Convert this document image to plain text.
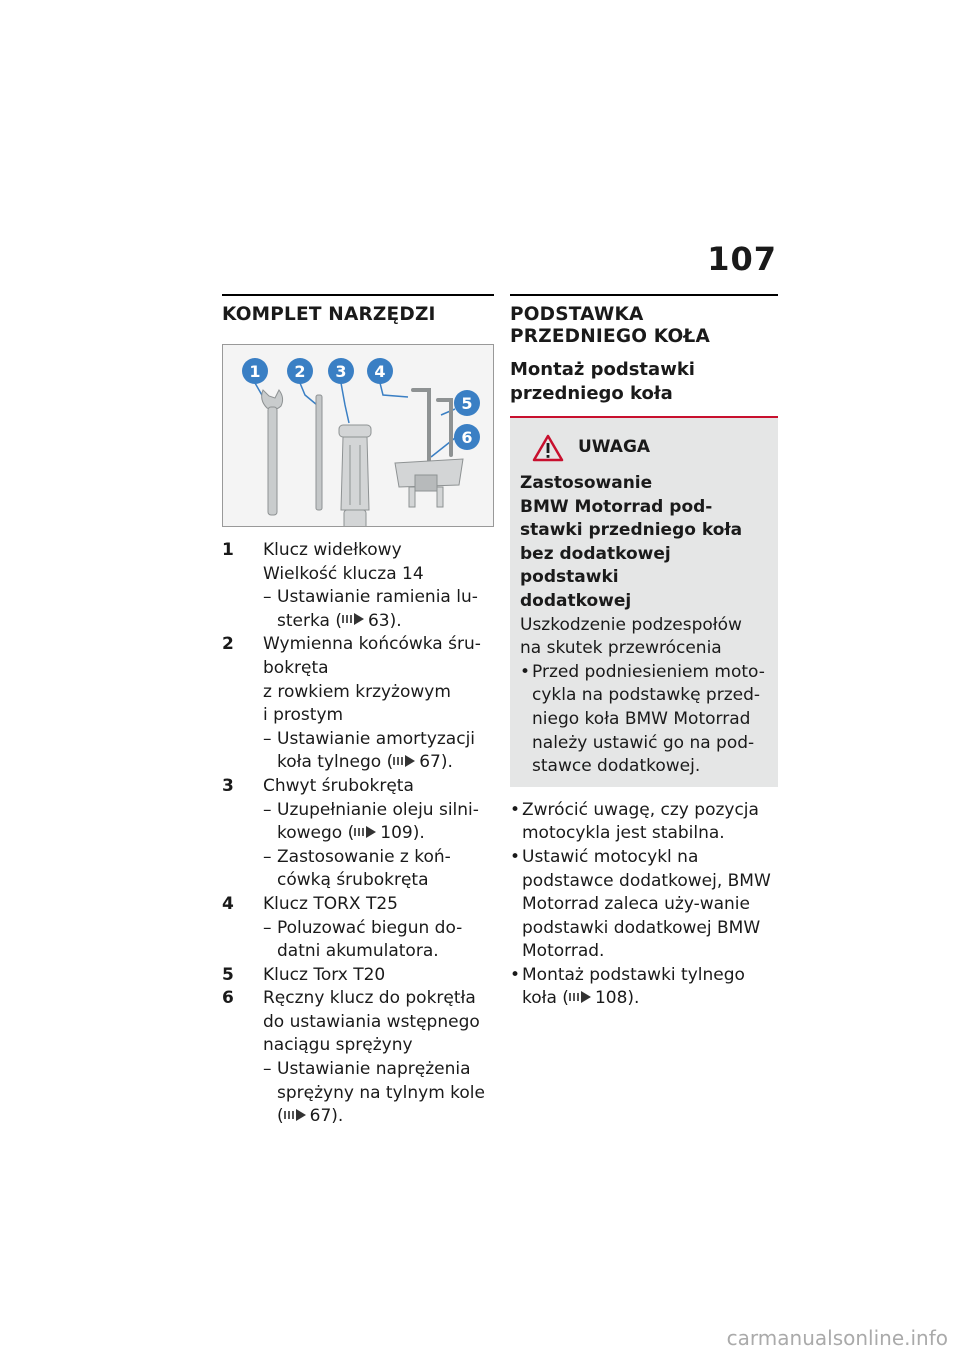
107
KOMPLET NARZĘDZI
1 2 3 4
5
6
1	Klucz widełkowy
Wielkość klucza 14
– Ustawianie ramienia lu-sterka ( 63).
2	Wymienna końcówka śru-bokręta
z rowkiem krzyżowym
i prostym
– Ustawianie amortyzacji koła tylnego ( 67).
3	Chwyt śrubokręta
– Uzupełnianie oleju silni-kowego ( 109).
– Zastosowanie z koń-cówką śrubokręta
4	Klucz TORX T25
– Poluzować biegun do-datni akumulatora.
5	Klucz Torx T20
6	Ręczny klucz do pokrętła
do ustawiania wstępnego
naciągu sprężyny
– Ustawianie naprężenia sprężyny na tylnym kole ( 67).
PODSTAWKA PRZEDNIEGO KOŁA
Montaż podstawki przedniego koła
UWAGA
Zastosowanie
BMW Motorrad pod-
stawki przedniego koła
bez dodatkowej podstawki
dodatkowej
Uszkodzenie podzespołów na skutek przewrócenia
• Przed podniesieniem moto-cykla na podstawkę przed-niego koła BMW Motorrad należy ustawić go na pod-stawce dodatkowej.
• Zwrócić uwagę, czy pozycja motocykla jest stabilna.
• Ustawić motocykl na podstawce dodatkowej, BMW Motorrad zaleca uży-wanie podstawki dodatkowej BMW Motorrad.
• Montaż podstawki tylnego koła ( 108).
carmanualsonline.info
